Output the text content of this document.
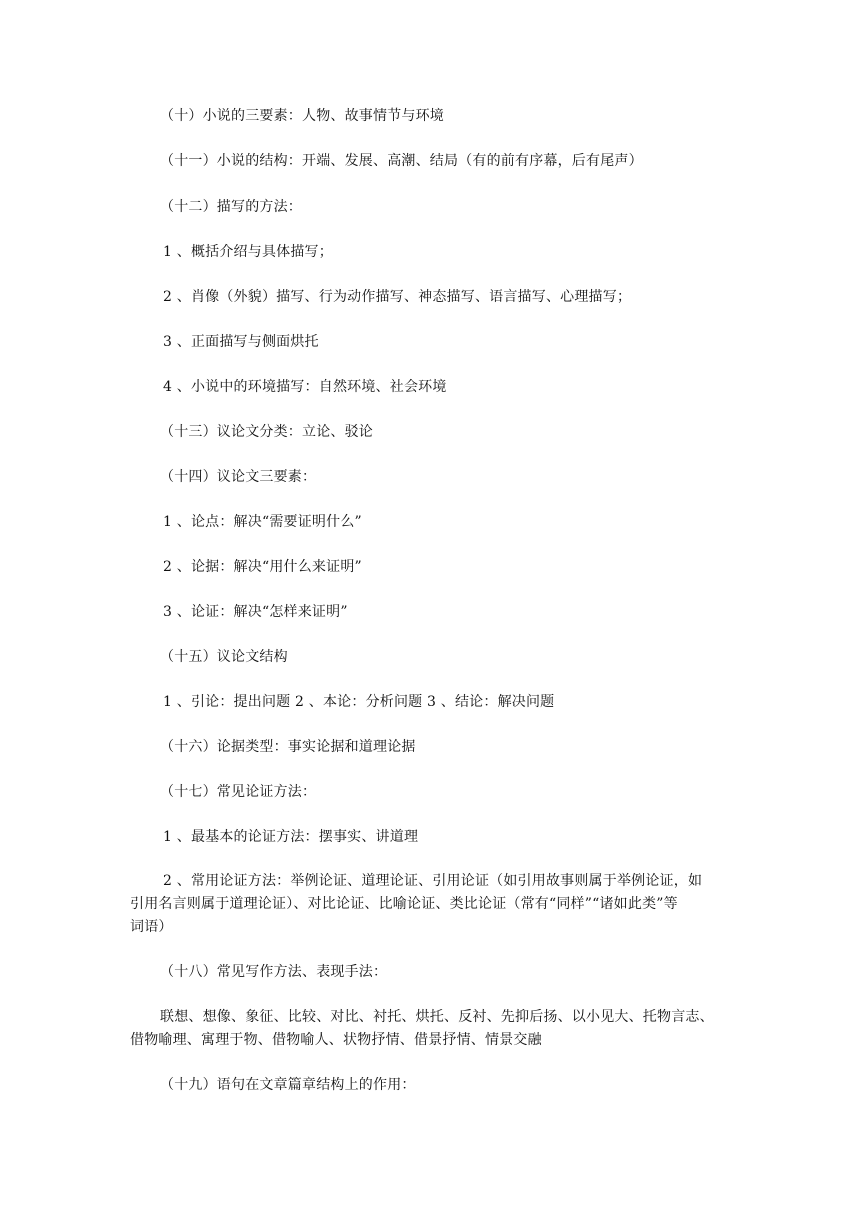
（十）小说的三要素：人物、故事情节与环境
（十一）小说的结构：开端、发展、高潮、结局（有的前有序幕，后有尾声）
（十二）描写的方法：
1 、概括介绍与具体描写；
2 、肖像（外貌）描写、行为动作描写、神态描写、语言描写、心理描写；
3 、正面描写与侧面烘托
4 、小说中的环境描写：自然环境、社会环境
（十三）议论文分类：立论、驳论
（十四）议论文三要素：
1 、论点：解决“需要证明什么”
2 、论据：解决“用什么来证明”
3 、论证：解决“怎样来证明”
（十五）议论文结构
1 、引论：提出问题 2 、本论：分析问题 3 、结论：解决问题
（十六）论据类型：事实论据和道理论据
（十七）常见论证方法：
1 、最基本的论证方法：摆事实、讲道理
2 、常用论证方法：举例论证、道理论证、引用论证（如引用故事则属于举例论证，如
引用名言则属于道理论证）、对比论证、比喻论证、类比论证（常有“同样”“诸如此类”等
词语）
（十八）常见写作方法、表现手法：
联想、想像、象征、比较、对比、衬托、烘托、反衬、先抑后扬、以小见大、托物言志、
借物喻理、寓理于物、借物喻人、状物抒情、借景抒情、情景交融
（十九）语句在文章篇章结构上的作用：
